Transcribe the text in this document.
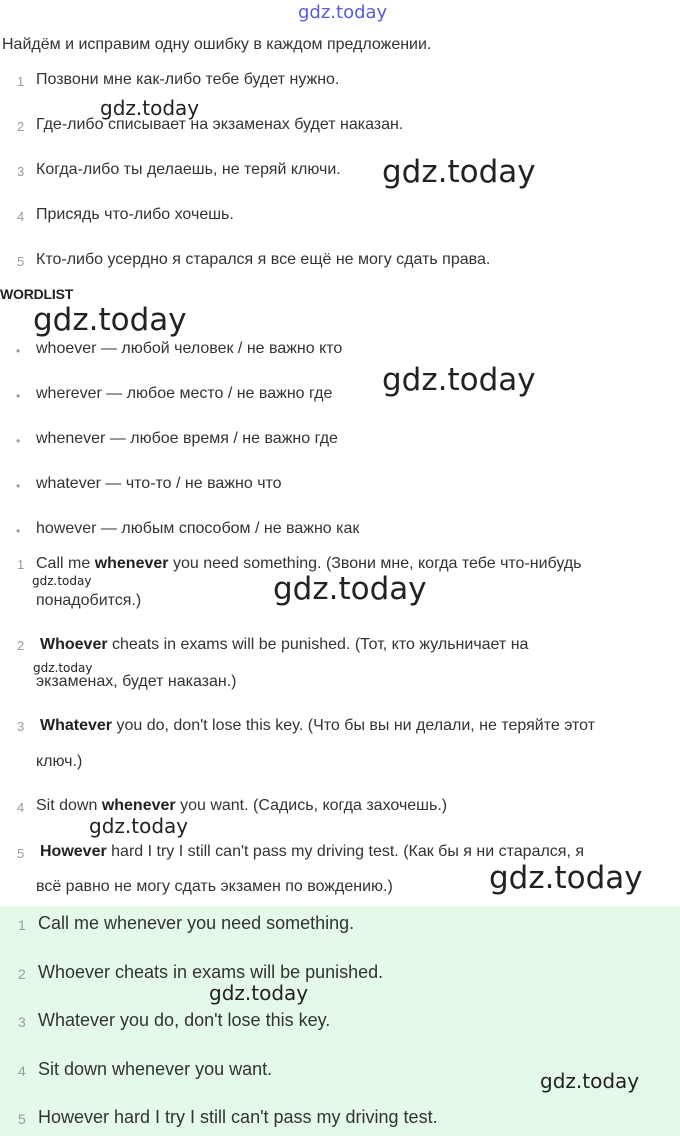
gdz.today
Найдём и исправим одну ошибку в каждом предложении.
1 Позвони мне как-либо тебе будет нужно.
2 Где-либо списывает на экзаменах будет наказан.
3 Когда-либо ты делаешь, не теряй ключи.
4 Присядь что-либо хочешь.
5 Кто-либо усердно я старался я все ещё не могу сдать права.
gdz.today
gdz.today
WORDLIST
gdz.today
• whoever — любой человек / не важно кто
• wherever — любое место / не важно где
• whenever — любое время / не важно где
• whatever — что-то / не важно что
• however — любым способом / не важно как
gdz.today
1 Call me whenever you need something. (Звони мне, когда тебе что-нибудь
понадобится.)
2 Whoever cheats in exams will be punished. (Тот, кто жульничает на
экзаменах, будет наказан.)
3 Whatever you do, don't lose this key. (Что бы вы ни делали, не теряйте этот
ключ.)
4 Sit down whenever you want. (Садись, когда захочешь.)
5 However hard I try I still can't pass my driving test. (Как бы я ни старался, я
всё равно не могу сдать экзамен по вождению.)
gdz.today	gdz.today
gdz.today
gdz.today
gdz.today
1 Call me whenever you need something.
2 Whoever cheats in exams will be punished.
3 Whatever you do, don't lose this key.
4 Sit down whenever you want.
5 However hard I try I still can't pass my driving test.
gdz.today
gdz.today
